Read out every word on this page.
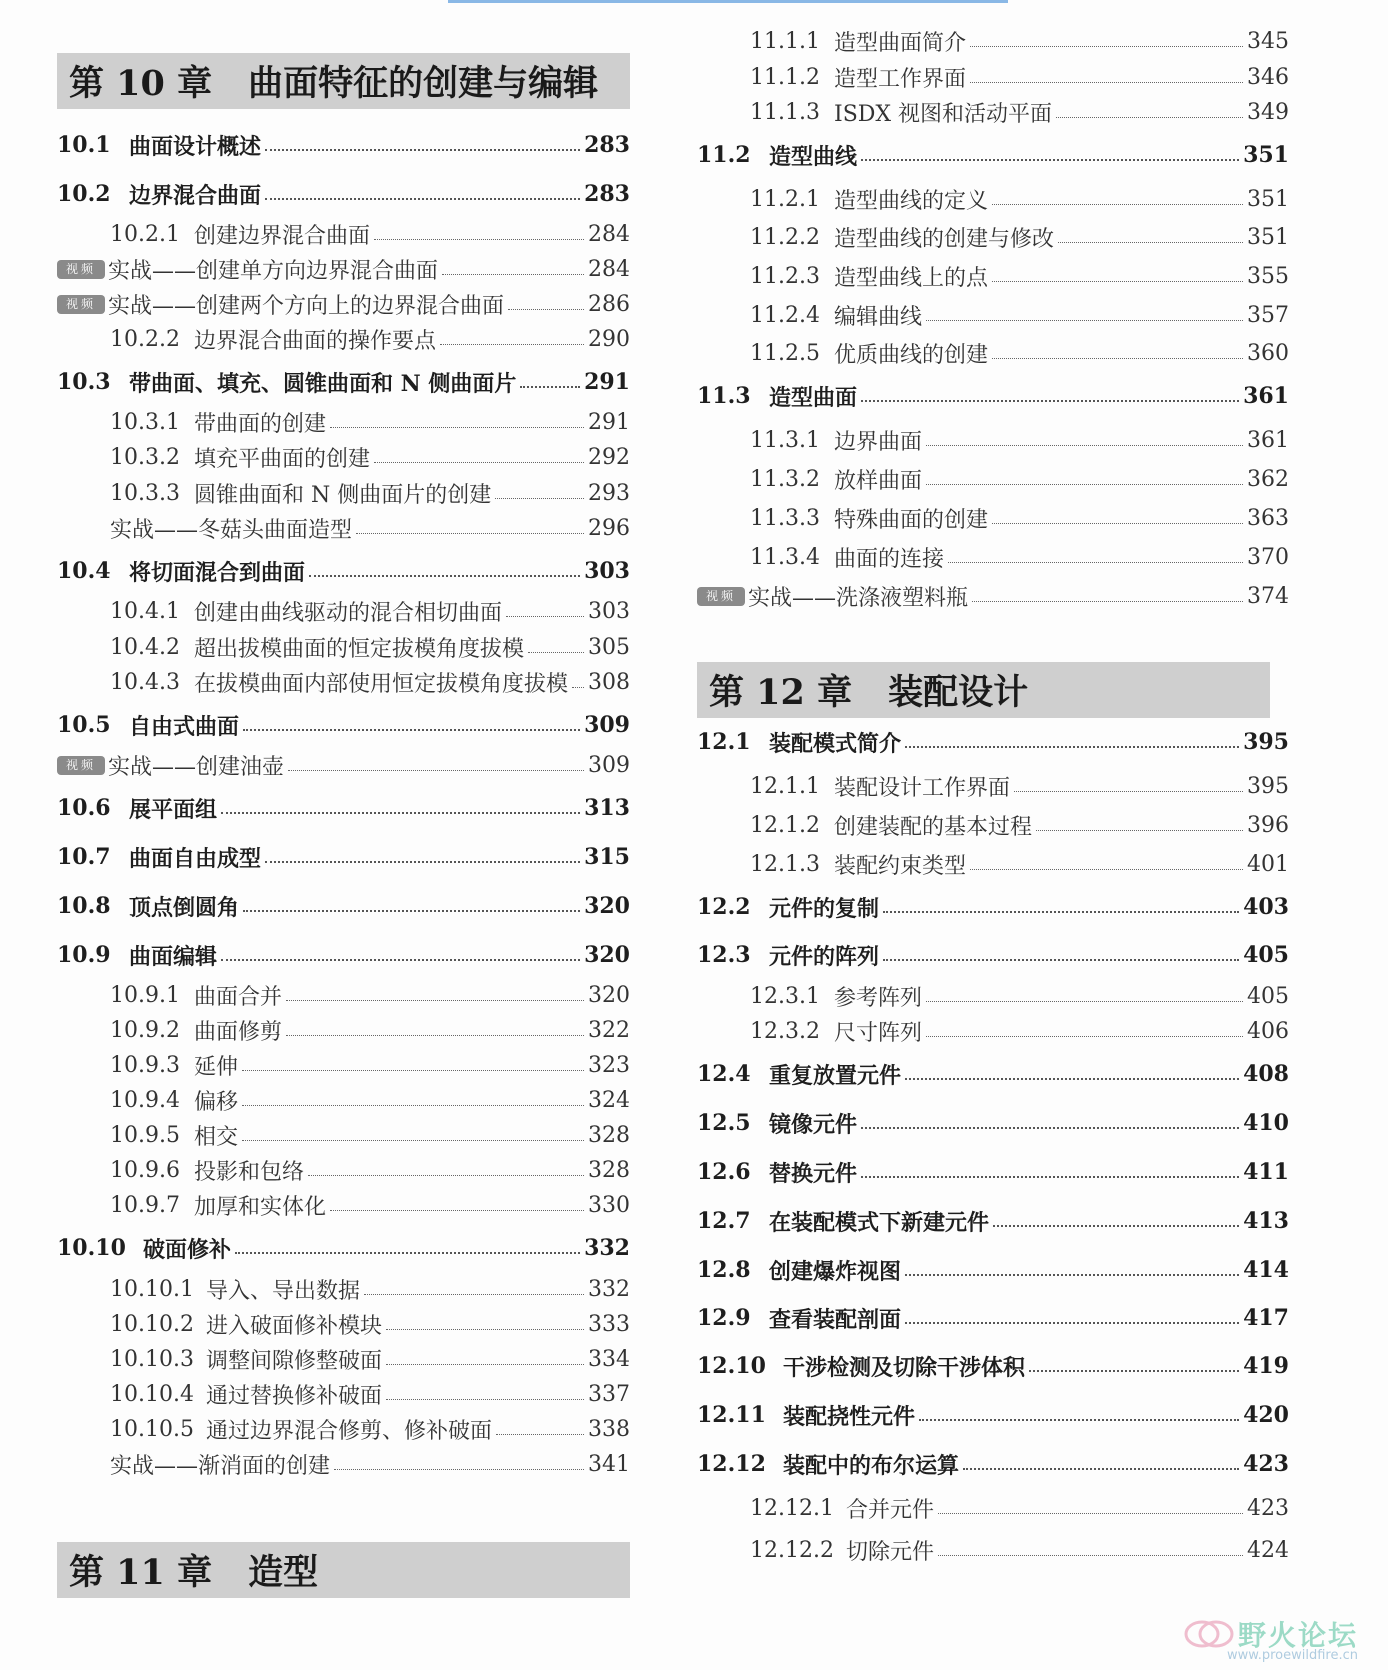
第 10 章 曲面特征的创建与编辑
10.1 曲面设计概述	283
10.2 边界混合曲面	283
10.2.1 创建边界混合曲面	284
视频 实战——创建单方向边界混合曲面	284
视频 实战——创建两个方向上的边界混合曲面	286
10.2.2 边界混合曲面的操作要点	290
10.3 带曲面、填充、圆锥曲面和 N 侧曲面片	291
10.3.1 带曲面的创建	291
10.3.2 填充平曲面的创建	292
10.3.3 圆锥曲面和 N 侧曲面片的创建	293
实战——冬菇头曲面造型	296
10.4 将切面混合到曲面	303
10.4.1 创建由曲线驱动的混合相切曲面	303
10.4.2 超出拔模曲面的恒定拔模角度拔模	305
10.4.3 在拔模曲面内部使用恒定拔模角度拔模 308
10.5 自由式曲面	309
视频 实战——创建油壶	309
10.6 展平面组	313
10.7 曲面自由成型	315
10.8 顶点倒圆角	320
10.9 曲面编辑	320
10.9.1 曲面合并	320
10.9.2 曲面修剪	322
10.9.3 延伸	323
10.9.4 偏移	324
10.9.5 相交	328
10.9.6 投影和包络	328
10.9.7 加厚和实体化	330
10.10 破面修补	332
10.10.1 导入、导出数据	332
10.10.2 进入破面修补模块	333
10.10.3 调整间隙修整破面	334
10.10.4 通过替换修补破面	337
10.10.5 通过边界混合修剪、修补破面	338
实战——渐消面的创建	341
第 11 章 造型
11.1.1 造型曲面简介	345
11.1.2 造型工作界面	346
11.1.3 ISDX 视图和活动平面	349
11.2 造型曲线	351
11.2.1 造型曲线的定义	351
11.2.2 造型曲线的创建与修改	351
11.2.3 造型曲线上的点	355
11.2.4 编辑曲线	357
11.2.5 优质曲线的创建	360
11.3 造型曲面	361
11.3.1 边界曲面	361
11.3.2 放样曲面	362
11.3.3 特殊曲面的创建	363
11.3.4 曲面的连接	370
视频 实战——洗涤液塑料瓶	374
第 12 章 装配设计
12.1 装配模式简介	395
12.1.1 装配设计工作界面	395
12.1.2 创建装配的基本过程	396
12.1.3 装配约束类型	401
12.2 元件的复制	403
12.3 元件的阵列	405
12.3.1 参考阵列	405
12.3.2 尺寸阵列	406
12.4 重复放置元件	408
12.5 镜像元件	410
12.6 替换元件	411
12.7 在装配模式下新建元件	413
12.8 创建爆炸视图	414
12.9 查看装配剖面	417
12.10 干涉检测及切除干涉体积	419
12.11 装配挠性元件	420
12.12 装配中的布尔运算	423
12.12.1 合并元件	423
12.12.2 切除元件	424
野火论坛
www.proewildfire.cn
